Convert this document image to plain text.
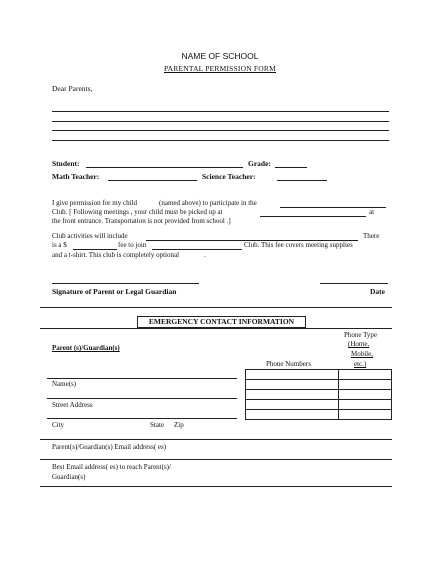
NAME OF SCHOOL
PARENTAL PERMISSION FORM
Dear Parents,
Student:	Grade:
Math Teacher:	Science Teacher:
I give permission for my child	(named above) to participate in the
Club. [ Following meetings , your child must be picked up at	at
the front entrance. Transportation is not provided from school .]
Club activities will include	There
is a $	fee to join	Club. This fee covers meeting supplies
and a t-shirt. This club is completely optional	.
Signature of Parent or Legal Guardian	Date
EMERGENCY CONTACT INFORMATION
Parent (s)/Guardian(s)
Phone Type
(Home,
Mobile,
etc.)
Phone Numbers
Name(s)
Street Address
City	State Zip
Parent(s)/Guardian(s) Email address( es)
Best Email address( es) to reach Parent(s)/
Guardian(s)
